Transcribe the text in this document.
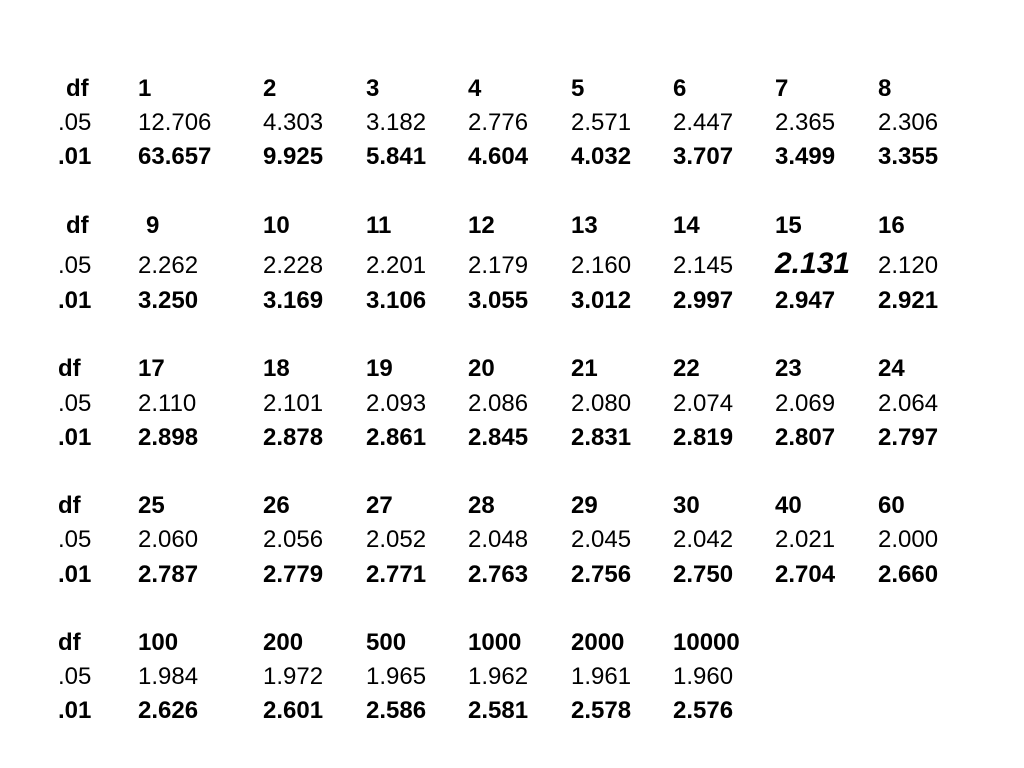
df 1	2	3	4	5	6	7	8
.05 12.706 4.303 3.182 2.776 2.571 2.447 2.365 2.306
.01 63.657 9.925 5.841 4.604 4.032 3.707 3.499 3.355
df 9	10	11	12	13	14	15	16
.05 2.262	2.228 2.201 2.179 2.160 2.145 2.131 2.120
.01 3.250	3.169 3.106 3.055 3.012 2.997 2.947 2.921
df 17	18	19	20	21	22	23	24
.05 2.110	2.101 2.093 2.086 2.080 2.074 2.069 2.064
.01 2.898	2.878 2.861 2.845 2.831 2.819 2.807 2.797
df 25	26	27	28	29	30	40	60
.05 2.060	2.056 2.052 2.048 2.045 2.042 2.021 2.000
.01 2.787	2.779 2.771 2.763 2.756 2.750 2.704 2.660
df 100	200	500	1000 2000 10000
.05 1.984	1.972 1.965 1.962 1.961 1.960
.01 2.626	2.601 2.586 2.581 2.578 2.576
